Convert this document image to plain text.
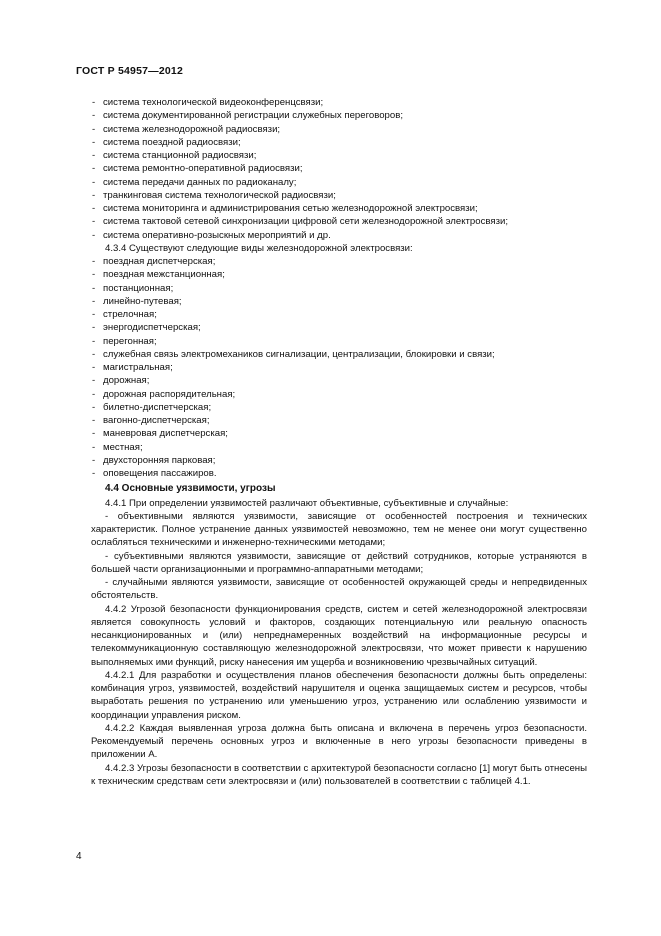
ГОСТ Р 54957—2012
- система технологической видеоконференцсвязи;
- система документированной регистрации служебных переговоров;
- система железнодорожной радиосвязи;
- система поездной радиосвязи;
- система станционной радиосвязи;
- система ремонтно-оперативной радиосвязи;
- система передачи данных по радиоканалу;
- транкинговая система технологической радиосвязи;
- система мониторинга и администрирования сетью железнодорожной электросвязи;
- система тактовой сетевой синхронизации цифровой сети железнодорожной электросвязи;
- система оперативно-розыскных мероприятий и др.
4.3.4 Существуют следующие виды железнодорожной электросвязи:
- поездная диспетчерская;
- поездная межстанционная;
- постанционная;
- линейно-путевая;
- стрелочная;
- энергодиспетчерская;
- перегонная;
- служебная связь электромехаников сигнализации, централизации, блокировки и связи;
- магистральная;
- дорожная;
- дорожная распорядительная;
- билетно-диспетчерская;
- вагонно-диспетчерская;
- маневровая диспетчерская;
- местная;
- двухсторонняя парковая;
- оповещения пассажиров.
4.4 Основные уязвимости, угрозы
4.4.1 При определении уязвимостей различают объективные, субъективные и случайные:
- объективными являются уязвимости, зависящие от особенностей построения и технических характеристик. Полное устранение данных уязвимостей невозможно, тем не менее они могут существенно ослабляться техническими и инженерно-техническими методами;
- субъективными являются уязвимости, зависящие от действий сотрудников, которые устраняются в большей части организационными и программно-аппаратными методами;
- случайными являются уязвимости, зависящие от особенностей окружающей среды и непредвиденных обстоятельств.
4.4.2 Угрозой безопасности функционирования средств, систем и сетей железнодорожной электросвязи является совокупность условий и факторов, создающих потенциальную или реальную опасность несанкционированных и (или) непреднамеренных воздействий на информационные ресурсы и телекоммуникационную составляющую железнодорожной электросвязи, что может привести к нарушению выполняемых ими функций, риску нанесения им ущерба и возникновению чрезвычайных ситуаций.
4.4.2.1 Для разработки и осуществления планов обеспечения безопасности должны быть определены: комбинация угроз, уязвимостей, воздействий нарушителя и оценка защищаемых систем и ресурсов, чтобы выработать решения по устранению или уменьшению угроз, устранению или ослаблению уязвимости и координации управления риском.
4.4.2.2 Каждая выявленная угроза должна быть описана и включена в перечень угроз безопасности. Рекомендуемый перечень основных угроз и включенные в него угрозы безопасности приведены в приложении А.
4.4.2.3 Угрозы безопасности в соответствии с архитектурой безопасности согласно [1] могут быть отнесены к техническим средствам сети электросвязи и (или) пользователей в соответствии с таблицей 4.1.
4
